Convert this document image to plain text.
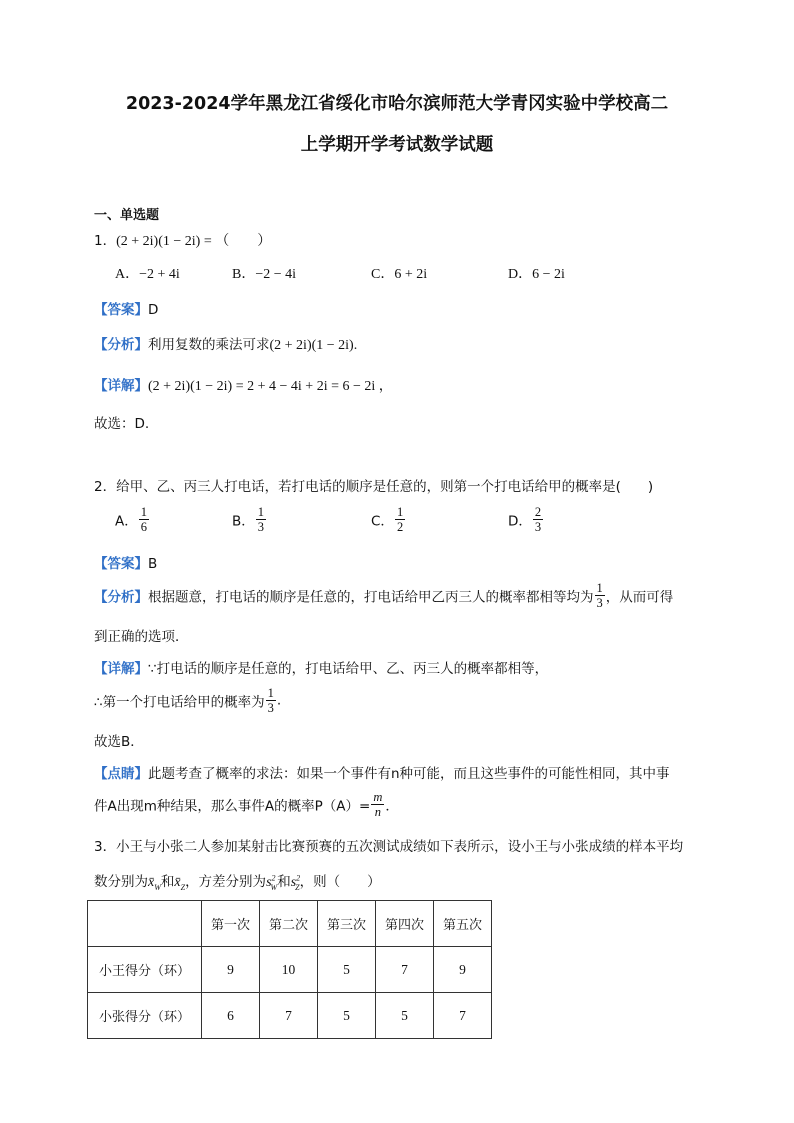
2023-2024学年黑龙江省绥化市哈尔滨师范大学青冈实验中学校高二
上学期开学考试数学试题
一、单选题
1．(2 + 2i)(1 − 2i) = （　　）
A．−2 + 4i	B．−2 − 4i	C．6 + 2i	D．6 − 2i
【答案】D
【分析】利用复数的乘法可求(2 + 2i)(1 − 2i).
【详解】(2 + 2i)(1 − 2i) = 2 + 4 − 4i + 2i = 6 − 2i ，
故选：D.
2．给甲、乙、丙三人打电话，若打电话的顺序是任意的，则第一个打电话给甲的概率是(　　)
A． $\frac{1}{6}$	B． $\frac{1}{3}$	C． $\frac{1}{2}$	D． $\frac{2}{3}$
【答案】B
【分析】根据题意，打电话的顺序是任意的，打电话给甲乙丙三人的概率都相等均为 $\frac{1}{3}$ ，从而可得
到正确的选项．
【详解】∵打电话的顺序是任意的，打电话给甲、乙、丙三人的概率都相等，
∴第一个打电话给甲的概率为 $\frac{1}{3}$ .
故选B．
【点睛】此题考查了概率的求法：如果一个事件有n种可能，而且这些事件的可能性相同，其中事
件A出现m种结果，那么事件A的概率$P(A)= \frac{m}{n}$ ．
3．小王与小张二人参加某射击比赛预赛的五次测试成绩如下表所示，设小王与小张成绩的样本平均
数分别为$x̄_W$和$x̄_Z$，方差分别为$s^2_W$和$s^2_Z$，则（　　）
	第一次	第二次	第三次	第四次	第五次
小王得分（环）	9	10	5	7	9
小张得分（环）	6	7	5	5	7
